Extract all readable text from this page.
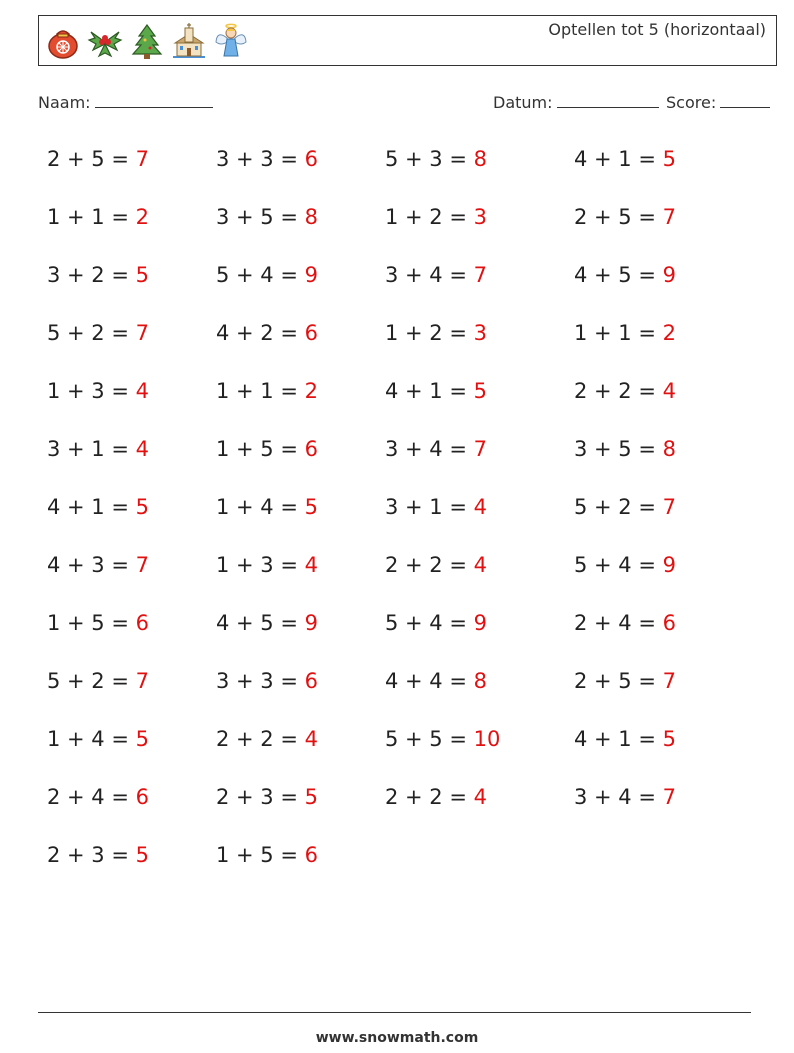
Optellen tot 5 (horizontaal)
Naam:	Datum:	Score:
2 + 5 = 7	3 + 3 = 6	5 + 3 = 8	4 + 1 = 5
1 + 1 = 2	3 + 5 = 8	1 + 2 = 3	2 + 5 = 7
3 + 2 = 5	5 + 4 = 9	3 + 4 = 7	4 + 5 = 9
5 + 2 = 7	4 + 2 = 6	1 + 2 = 3	1 + 1 = 2
1 + 3 = 4	1 + 1 = 2	4 + 1 = 5	2 + 2 = 4
3 + 1 = 4	1 + 5 = 6	3 + 4 = 7	3 + 5 = 8
4 + 1 = 5	1 + 4 = 5	3 + 1 = 4	5 + 2 = 7
4 + 3 = 7	1 + 3 = 4	2 + 2 = 4	5 + 4 = 9
1 + 5 = 6	4 + 5 = 9	5 + 4 = 9	2 + 4 = 6
5 + 2 = 7	3 + 3 = 6	4 + 4 = 8	2 + 5 = 7
1 + 4 = 5	2 + 2 = 4	5 + 5 = 10	4 + 1 = 5
2 + 4 = 6	2 + 3 = 5	2 + 2 = 4	3 + 4 = 7
2 + 3 = 5	1 + 5 = 6
www.snowmath.com
